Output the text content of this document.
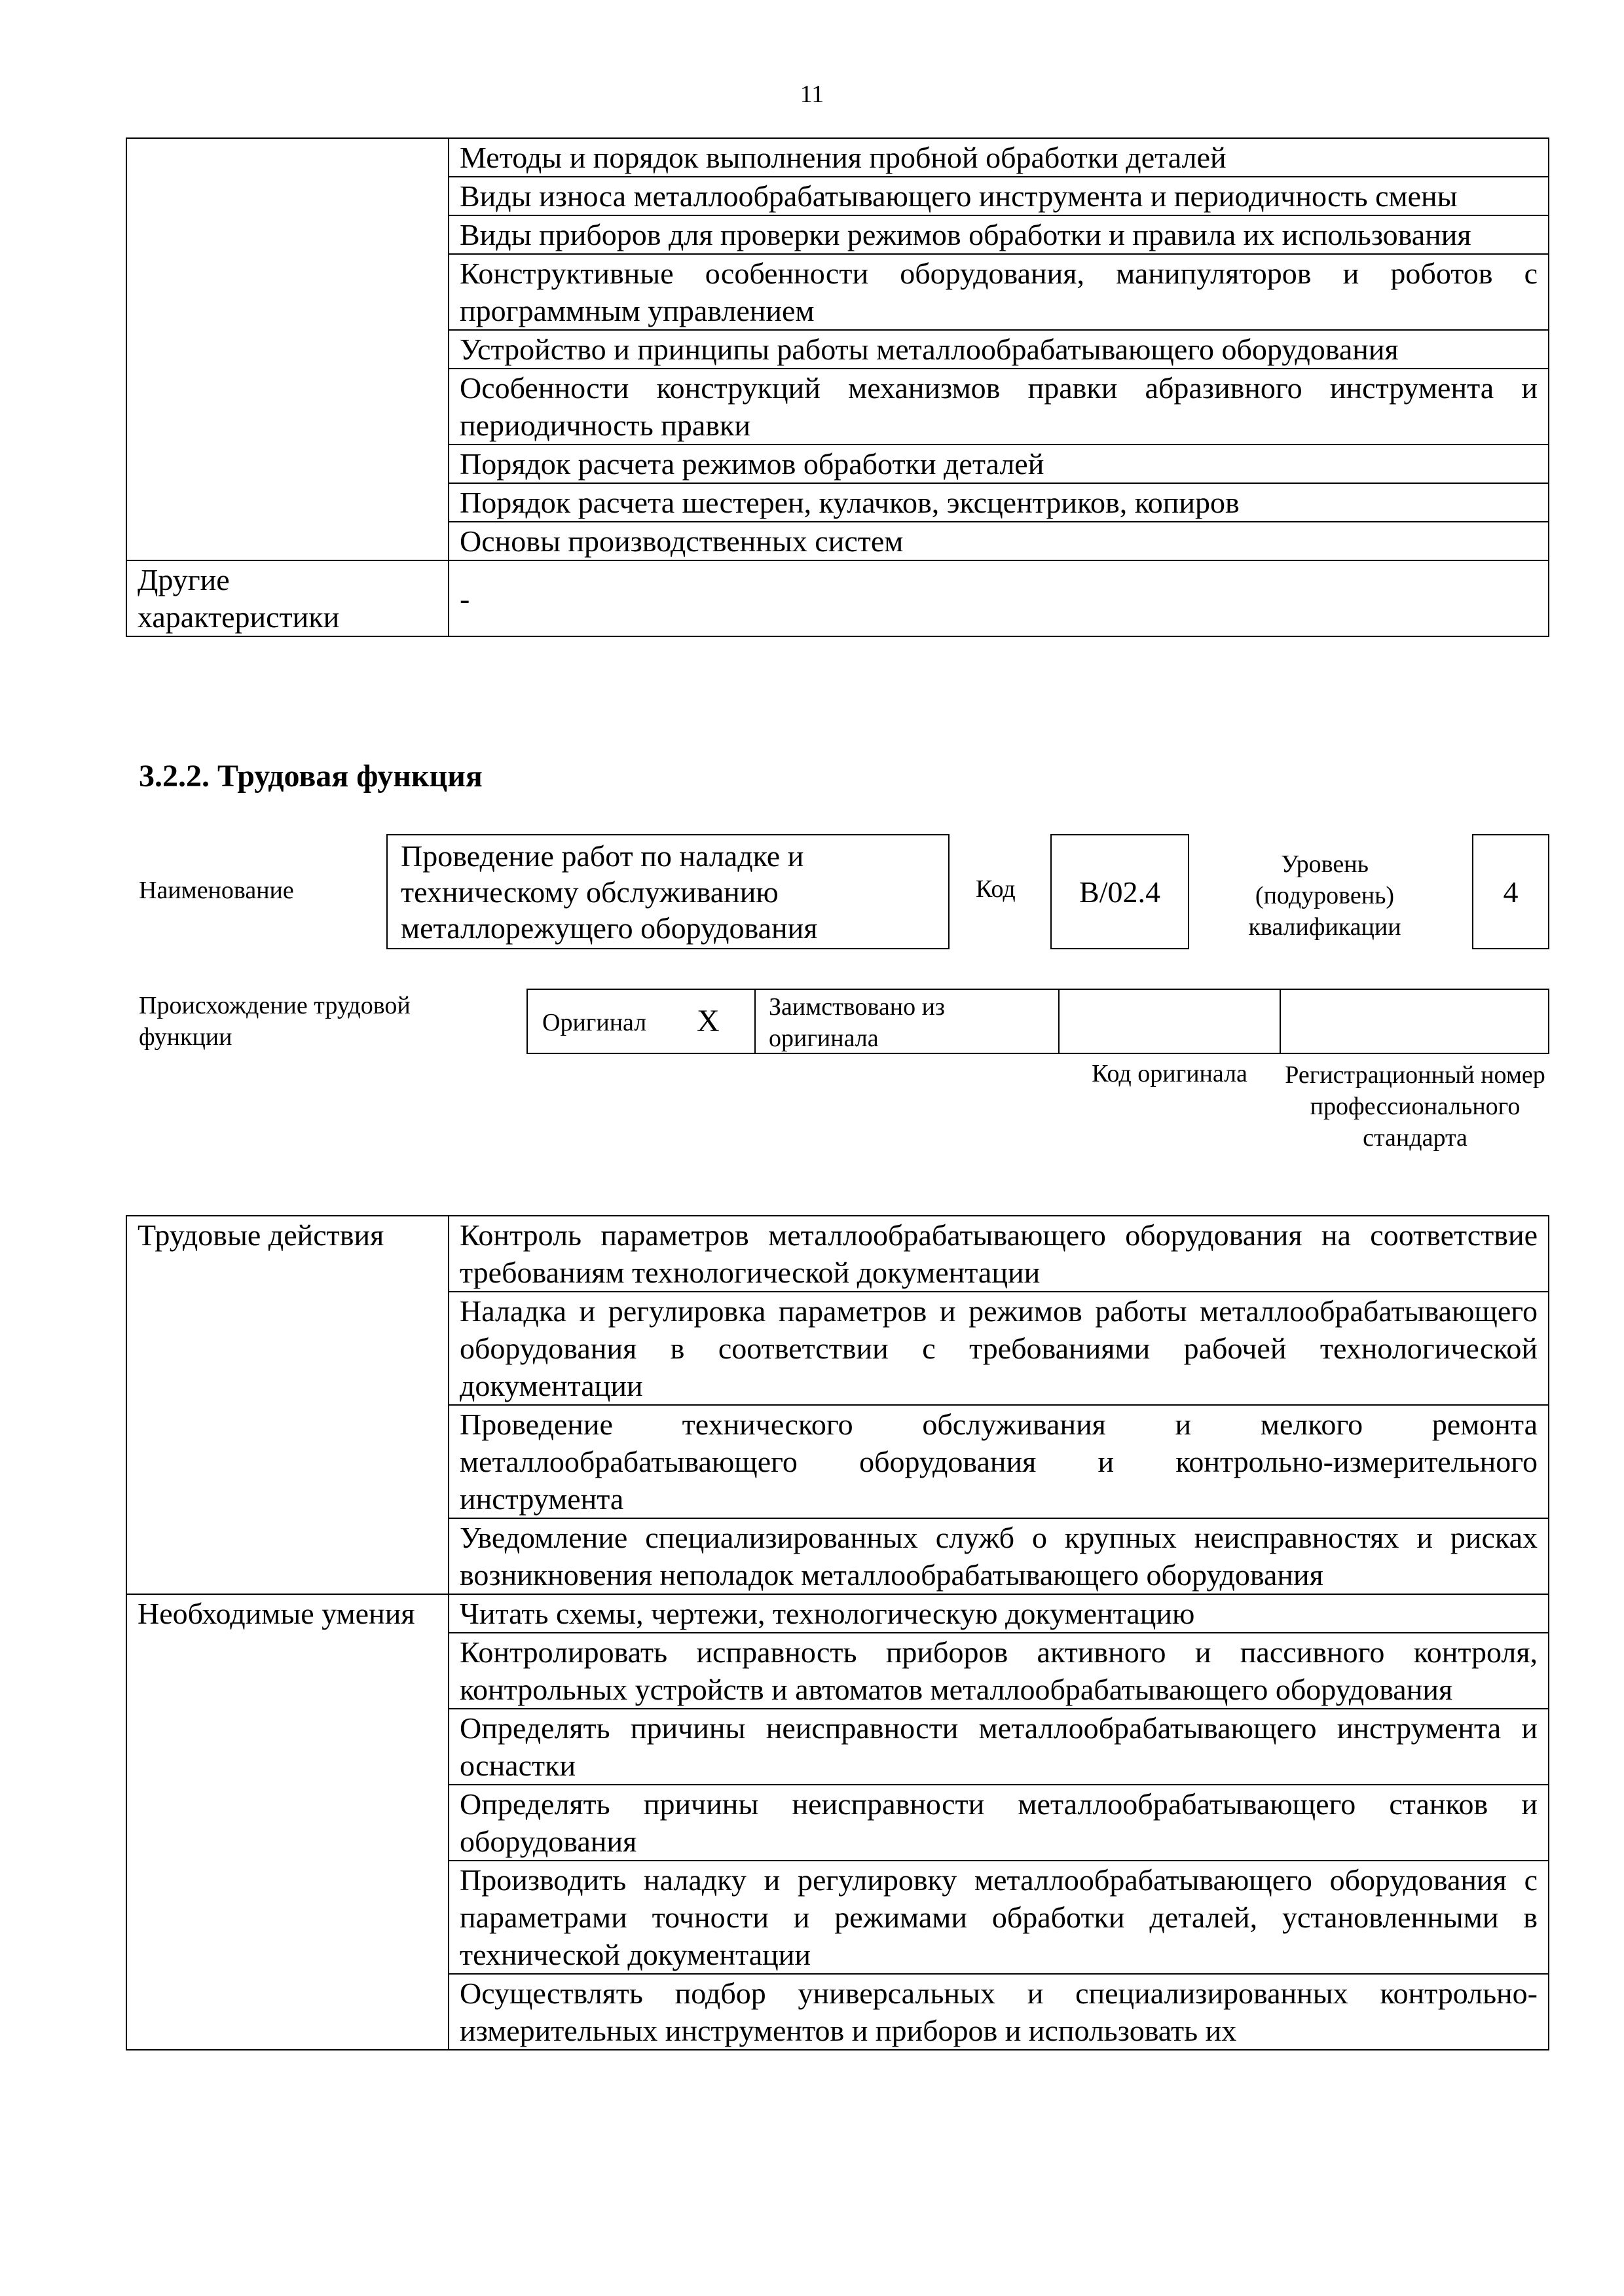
11
	Методы и порядок выполнения пробной обработки деталей
	Виды износа металлообрабатывающего инструмента и периодичность смены
	Виды приборов для проверки режимов обработки и правила их использования
	Конструктивные особенности оборудования, манипуляторов и роботов с программным управлением
	Устройство и принципы работы металлообрабатывающего оборудования
	Особенности конструкций механизмов правки абразивного инструмента и периодичность правки
	Порядок расчета режимов обработки деталей
	Порядок расчета шестерен, кулачков, эксцентриков, копиров
	Основы производственных систем
Другие характеристики	-
3.2.2. Трудовая функция
Наименование
Проведение работ по наладке и техническому обслуживанию металлорежущего оборудования
Код	B/02.4
Уровень (подуровень) квалификации
4
Происхождение трудовой функции
Оригинал X Заимствовано из оригинала
Код оригинала	Регистрационный номер профессионального стандарта
Трудовые действия	Контроль параметров металлообрабатывающего оборудования на соответствие требованиям технологической документации
	Наладка и регулировка параметров и режимов работы металлообрабатывающего оборудования в соответствии с требованиями рабочей технологической документации
	Проведение технического обслуживания и мелкого ремонта металлообрабатывающего оборудования и контрольно-измерительного инструмента
	Уведомление специализированных служб о крупных неисправностях и рисках возникновения неполадок металлообрабатывающего оборудования
Необходимые умения	Читать схемы, чертежи, технологическую документацию
	Контролировать исправность приборов активного и пассивного контроля, контрольных устройств и автоматов металлообрабатывающего оборудования
	Определять причины неисправности металлообрабатывающего инструмента и оснастки
	Определять причины неисправности металлообрабатывающего станков и оборудования
	Производить наладку и регулировку металлообрабатывающего оборудования с параметрами точности и режимами обработки деталей, установленными в технической документации
	Осуществлять подбор универсальных и специализированных контрольно-измерительных инструментов и приборов и использовать их
